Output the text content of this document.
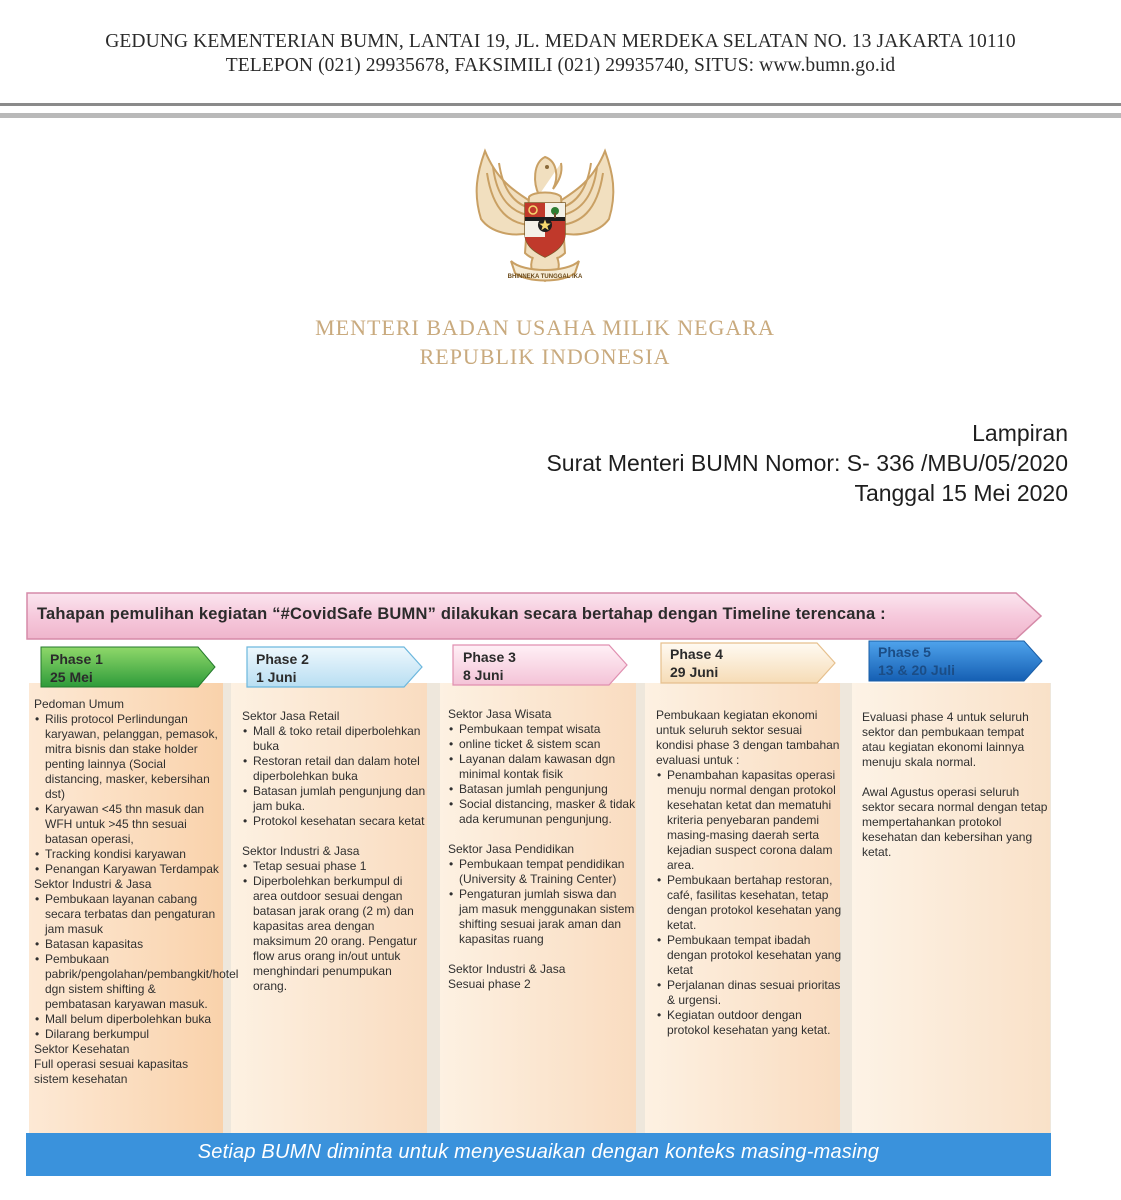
GEDUNG KEMENTERIAN BUMN, LANTAI 19, JL. MEDAN MERDEKA SELATAN NO. 13 JAKARTA 10110
TELEPON (021) 29935678, FAKSIMILI (021) 29935740, SITUS: www.bumn.go.id
BHINNEKA TUNGGAL IKA
MENTERI BADAN USAHA MILIK NEGARA
REPUBLIK INDONESIA
Lampiran
Surat Menteri BUMN Nomor: S- 336 /MBU/05/2020
Tanggal 15 Mei 2020
Tahapan pemulihan kegiatan “#CovidSafe BUMN” dilakukan secara bertahap dengan Timeline terencana :
Phase 1
25 Mei
Phase 2
1 Juni
Phase 3
8 Juni
Phase 4
29 Juni
Phase 5
13 & 20 Juli

Pedoman Umum

• Rilis protocol Perlindungan karyawan, pelanggan, pemasok, mitra bisnis dan stake holder penting lainnya (Social distancing, masker, kebersihan dst)
• Karyawan <45 thn masuk dan WFH untuk >45 thn sesuai batasan operasi,
• Tracking kondisi karyawan
• Penangan Karyawan Terdampak

Sektor Industri & Jasa

• Pembukaan layanan cabang secara terbatas dan pengaturan jam masuk
• Batasan kapasitas
• Pembukaan pabrik/pengolahan/pembangkit/hotel dgn sistem shifting & pembatasan karyawan masuk.
• Mall belum diperbolehkan buka
• Dilarang berkumpul

Sektor Kesehatan

Full operasi sesuai kapasitas sistem kesehatan

Sektor Jasa Retail

• Mall & toko retail diperbolehkan buka
• Restoran retail dan dalam hotel diperbolehkan buka
• Batasan jumlah pengunjung dan jam buka.
• Protokol kesehatan secara ketat

Sektor Industri & Jasa

• Tetap sesuai phase 1
• Diperbolehkan berkumpul di area outdoor sesuai dengan batasan jarak orang (2 m) dan kapasitas area dengan maksimum 20 orang. Pengatur flow arus orang in/out untuk menghindari penumpukan orang.

Sektor Jasa Wisata

• Pembukaan tempat wisata
• online ticket & sistem scan
• Layanan dalam kawasan dgn minimal kontak fisik
• Batasan jumlah pengunjung
• Social distancing, masker & tidak ada kerumunan pengunjung.

Sektor Jasa Pendidikan

• Pembukaan tempat pendidikan (University & Training Center)
• Pengaturan jumlah siswa dan jam masuk menggunakan sistem shifting sesuai jarak aman dan kapasitas ruang

Sektor Industri & Jasa

Sesuai phase 2

Pembukaan kegiatan ekonomi untuk seluruh sektor sesuai kondisi phase 3 dengan tambahan evaluasi untuk :

• Penambahan kapasitas operasi menuju normal dengan protokol kesehatan ketat dan mematuhi kriteria penyebaran pandemi masing-masing daerah serta kejadian suspect corona dalam area.
• Pembukaan bertahap restoran, café, fasilitas kesehatan, tetap dengan protokol kesehatan yang ketat.
• Pembukaan tempat ibadah dengan protokol kesehatan yang ketat
• Perjalanan dinas sesuai prioritas & urgensi.
• Kegiatan outdoor dengan protokol kesehatan yang ketat.

Evaluasi phase 4 untuk seluruh sektor dan pembukaan tempat atau kegiatan ekonomi lainnya menuju skala normal.

Awal Agustus operasi seluruh sektor secara normal dengan tetap mempertahankan protokol kesehatan dan kebersihan yang ketat.

Setiap BUMN diminta untuk menyesuaikan dengan konteks masing-masing
